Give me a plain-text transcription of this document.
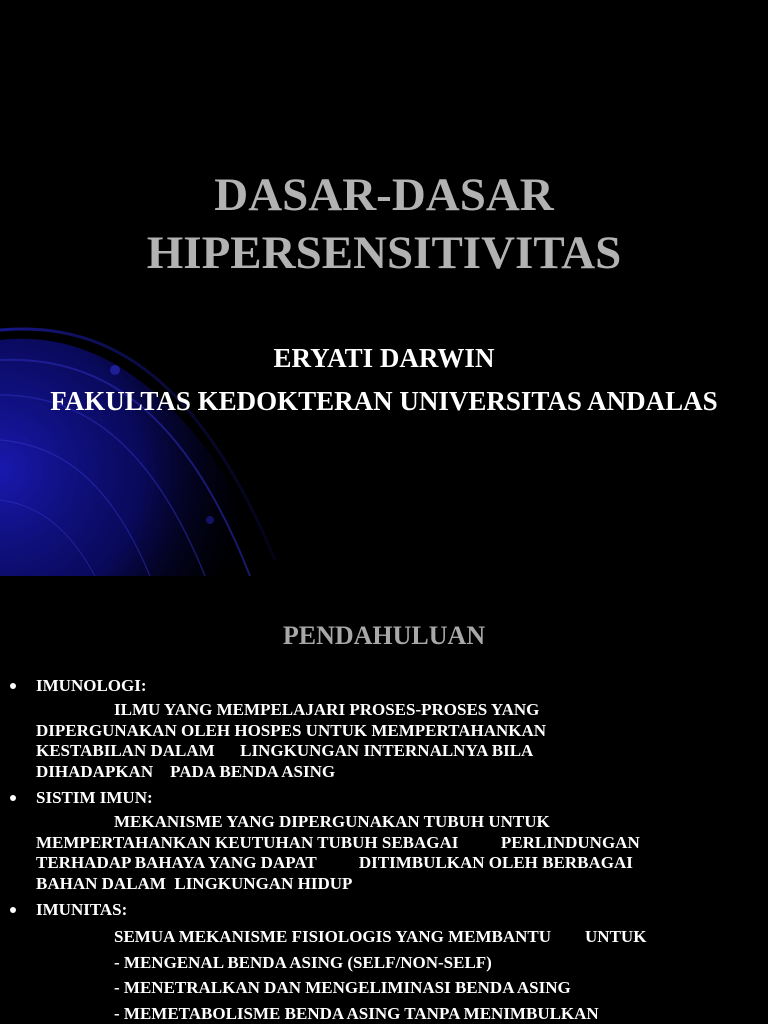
DASAR-DASAR
HIPERSENSITIVITAS
ERYATI DARWIN
FAKULTAS KEDOKTERAN UNIVERSITAS ANDALAS
PENDAHULUAN
IMUNOLOGI:
ILMU YANG MEMPELAJARI PROSES-PROSES YANG
DIPERGUNAKAN OLEH HOSPES UNTUK MEMPERTAHANKAN
KESTABILAN DALAM      LINGKUNGAN INTERNALNYA BILA
DIHADAPKAN    PADA BENDA ASING
SISTIM IMUN:
MEKANISME YANG DIPERGUNAKAN TUBUH UNTUK
MEMPERTAHANKAN KEUTUHAN TUBUH SEBAGAI          PERLINDUNGAN
TERHADAP BAHAYA YANG DAPAT          DITIMBULKAN OLEH BERBAGAI
BAHAN DALAM  LINGKUNGAN HIDUP
IMUNITAS:
SEMUA MEKANISME FISIOLOGIS YANG MEMBANTU        UNTUK
- MENGENAL BENDA ASING (SELF/NON-SELF)
- MENETRALKAN DAN MENGELIMINASI BENDA ASING
- MEMETABOLISME BENDA ASING TANPA MENIMBULKAN
